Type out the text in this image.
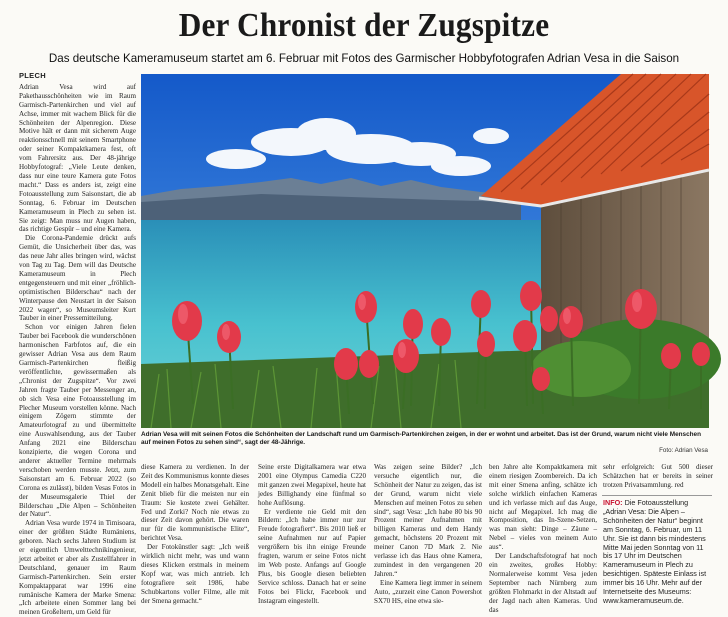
Der Chronist der Zugspitze
Das deutsche Kameramuseum startet am 6. Februar mit Fotos des Garmischer Hobbyfotografen Adrian Vesa in die Saison
PLECH

Adrian Vesa wird auf Pakethausschönheiten wie im Raum Garmisch-Partenkirchen und viel auf Achse, immer mit wachem Blick für die Schönheiten der Alpenregion. Diese Motive hält er dann mit sicherem Auge reaktionsschnell mit seinem Smartphone oder seiner Kompaktkamera fest, oft vom Fahrersitz aus. Der 48-jährige Hobbyfotograf: „Viele Leute denken, dass nur eine teure Kamera gute Fotos macht.“ Dass es anders ist, zeigt eine Fotoausstellung zum Saisonstart, die ab Sonntag, 6. Februar im Deutschen Kameramuseum in Plech zu sehen ist. Sie zeigt: Man muss nur Augen haben, das richtige Gespür – und eine Kamera.

Die Corona-Pandemie drückt aufs Gemüt, die Unsicherheit über das, was das neue Jahr alles bringen wird, wächst von Tag zu Tag. Dem will das Deutsche Kameramuseum in Plech entgegensteuern und mit einer „fröhlich-optimistischen Bilderschau“ nach der Winterpause den Neustart in der Saison 2022 wagen“, so Museumsleiter Kurt Tauber in einer Pressemitteilung.

Schon vor einigen Jahren fielen Tauber bei Facebook die wunderschönen harmonischen Farbfotos auf, die ein gewisser Adrian Vesa aus dem Raum Garmisch-Partenkirchen fleißig veröffentlichte, gewissermaßen als „Chronist der Zugspitze“. Vor zwei Jahren fragte Tauber per Messenger an, ob sich Vesa eine Fotoausstellung im Plecher Museum vorstellen könne. Nach einigem Zögern stimmte der Amateurfotograf zu und übermittelte eine Auswahlsendung, aus der Tauber Anfang 2021 eine Bilderschau konzipierte, die wegen Corona und anderer aktueller Termine mehrmals verschoben werden musste. Jetzt, zum Saisonstart am 6. Februar 2022 (so Corona es zulässt), bilden Vesas Fotos in der Museumsgalerie Thiel der Bilderschau „Die Alpen – Schönheiten der Natur“.

Adrian Vesa wurde 1974 in Timisoara, einer der größten Städte Rumäniens, geboren. Nach sechs Jahren Studium ist er eigentlich Umwelttechnikingenieur, jetzt arbeitet er aber als Zustellfahrer in Deutschland, genauer im Raum Garmisch-Partenkirchen. Sein erster Kompaktapparat war 1996 eine rumänische Kamera der Marke Smena: „Ich arbeitete einen Sommer lang bei meinen Großeltern, um Geld für

Adrian Vesa will mit seinen Fotos die Schönheiten der Landschaft rund um Garmisch-Partenkirchen zeigen, in der er wohnt und arbeitet. Das ist der Grund, warum nicht viele Menschen auf meinen Fotos zu sehen sind“, sagt der 48-Jährige.
Foto: Adrian Vesa

diese Kamera zu verdienen. In der Zeit des Kommunismus konnte dieses Modell ein halbes Monatsgehalt. Eine Zenit blieb für die meisten nur ein Traum: Sie kostete zwei Gehälter. Fed und Zorki? Noch nie etwas zu dieser Zeit davon gehört. Die waren nur für die kommunistische Elite“, berichtet Vesa.

Der Fotokünstler sagt: „Ich weiß wirklich nicht mehr, was und wann dieses Klicken erstmals in meinem Kopf war, was mich antrieb. Ich fotografiere seit 1986, habe Schubkartons voller Filme, alle mit der Smena gemacht.“

Seine erste Digitalkamera war etwa 2001 eine Olympus Camedia C220 mit ganzen zwei Megapixel, heute hat jedes Billighandy eine fünfmal so hohe Auflösung.

Er verdiente nie Geld mit den Bildern: „Ich habe immer nur zur Freude fotografiert“. Bis 2010 ließ er seine Aufnahmen nur auf Papier vergrößern bis ihn einige Freunde fragten, warum er seine Fotos nicht im Web poste. Anfangs auf Google Plus, bis Google diesen beliebten Service schloss. Danach hat er seine Fotos bei Flickr, Facebook und Instagram eingestellt.

Was zeigen seine Bilder? „Ich versuche eigentlich nur, die Schönheit der Natur zu zeigen, das ist der Grund, warum nicht viele Menschen auf meinen Fotos zu sehen sind“, sagt Vesa: „Ich habe 80 bis 90 Prozent meiner Aufnahmen mit billigen Kameras und dem Handy gemacht, höchstens 20 Prozent mit meiner Canon 7D Mark 2. Nie verlasse ich das Haus ohne Kamera, zumindest in den vergangenen 20 Jahren.“

Eine Kamera liegt immer in seinem Auto, „zurzeit eine Canon Powershot SX70 HS, eine etwa sie-

ben Jahre alte Kompaktkamera mit einem riesigen Zoombereich. Da ich mit einer Smena anfing, schätze ich solche wirklich einfachen Kameras und ich verlasse mich auf das Auge, nicht auf Megapixel. Ich mag die Komposition, das In-Szene-Setzen, was man sieht: Dinge – Zäune – Nebel – vieles von meinem Auto aus“.

Der Landschaftsfotograf hat noch ein zweites, großes Hobby: Normalerweise kommt Vesa jeden September nach Nürnberg zum größten Flohmarkt in der Altstadt auf der Jagd nach alten Kameras. Und das

sehr erfolgreich: Gut 500 dieser Schätzchen hat er bereits in seiner trotzen Privatsammlung. red

INFO: Die Fotoausstellung „Adrian Vesa: Die Alpen – Schönheiten der Natur“ beginnt am Sonntag, 6. Februar, um 11 Uhr. Sie ist dann bis mindestens Mitte Mai jeden Sonntag von 11 bis 17 Uhr im Deutschen Kameramuseum in Plech zu besichtigen. Späteste Einlass ist immer bis 16 Uhr. Mehr auf der Internetseite des Museums: www.kameramuseum.de.
